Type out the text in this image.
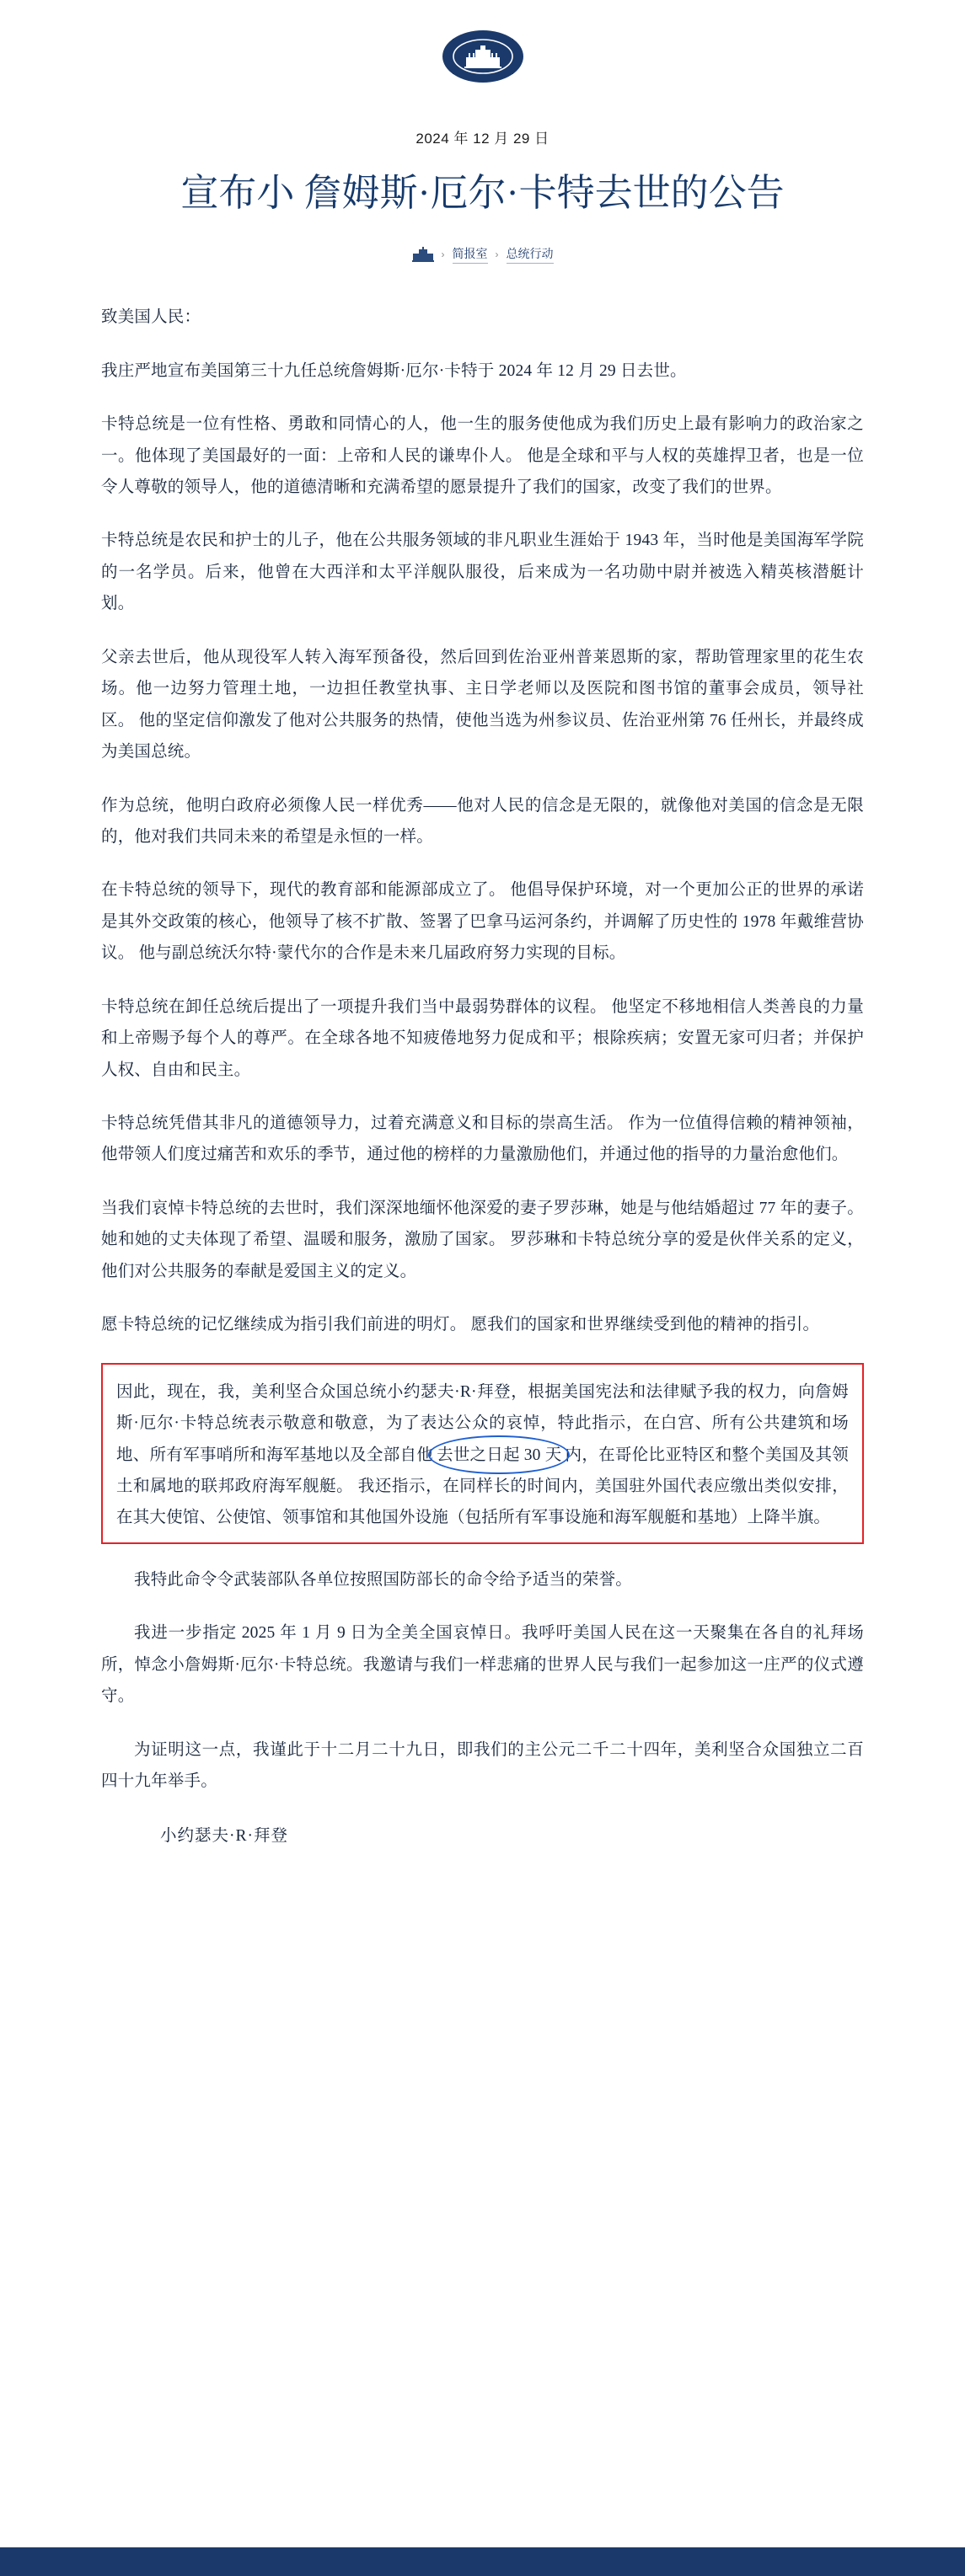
2024 年 12 月 29 日
宣布小 詹姆斯·厄尔·卡特去世的公告
› 简报室 › 总统行动

致美国人民：

我庄严地宣布美国第三十九任总统詹姆斯·厄尔·卡特于 2024 年 12 月 29 日去世。

卡特总统是一位有性格、勇敢和同情心的人，他一生的服务使他成为我们历史上最有影响力的政治家之一。他体现了美国最好的一面：上帝和人民的谦卑仆人。 他是全球和平与人权的英雄捍卫者，也是一位令人尊敬的领导人，他的道德清晰和充满希望的愿景提升了我们的国家，改变了我们的世界。

卡特总统是农民和护士的儿子，他在公共服务领域的非凡职业生涯始于 1943 年，当时他是美国海军学院的一名学员。后来，他曾在大西洋和太平洋舰队服役，后来成为一名功勋中尉并被选入精英核潜艇计划。

父亲去世后，他从现役军人转入海军预备役，然后回到佐治亚州普莱恩斯的家，帮助管理家里的花生农场。他一边努力管理土地，一边担任教堂执事、主日学老师以及医院和图书馆的董事会成员，领导社区。 他的坚定信仰激发了他对公共服务的热情，使他当选为州参议员、佐治亚州第 76 任州长，并最终成为美国总统。

作为总统，他明白政府必须像人民一样优秀——他对人民的信念是无限的，就像他对美国的信念是无限的，他对我们共同未来的希望是永恒的一样。

在卡特总统的领导下，现代的教育部和能源部成立了。 他倡导保护环境，对一个更加公正的世界的承诺是其外交政策的核心，他领导了核不扩散、签署了巴拿马运河条约，并调解了历史性的 1978 年戴维营协议。 他与副总统沃尔特·蒙代尔的合作是未来几届政府努力实现的目标。

卡特总统在卸任总统后提出了一项提升我们当中最弱势群体的议程。 他坚定不移地相信人类善良的力量和上帝赐予每个人的尊严。在全球各地不知疲倦地努力促成和平；根除疾病；安置无家可归者；并保护人权、自由和民主。

卡特总统凭借其非凡的道德领导力，过着充满意义和目标的崇高生活。 作为一位值得信赖的精神领袖，他带领人们度过痛苦和欢乐的季节，通过他的榜样的力量激励他们，并通过他的指导的力量治愈他们。

当我们哀悼卡特总统的去世时，我们深深地缅怀他深爱的妻子罗莎琳，她是与他结婚超过 77 年的妻子。她和她的丈夫体现了希望、温暖和服务，激励了国家。 罗莎琳和卡特总统分享的爱是伙伴关系的定义，他们对公共服务的奉献是爱国主义的定义。

愿卡特总统的记忆继续成为指引我们前进的明灯。 愿我们的国家和世界继续受到他的精神的指引。

因此，现在，我，美利坚合众国总统小约瑟夫·R·拜登，根据美国宪法和法律赋予我的权力，向詹姆斯·厄尔·卡特总统表示敬意和敬意，为了表达公众的哀悼，特此指示，在白宫、所有公共建筑和场地、所有军事哨所和海军基地以及全部自他 去世之日起 30 天 内，在哥伦比亚特区和整个美国及其领土和属地的联邦政府海军舰艇。 我还指示，在同样长的时间内，美国驻外国代表应缴出类似安排，在其大使馆、公使馆、领事馆和其他国外设施（包括所有军事设施和海军舰艇和基地）上降半旗。

我特此命令令武装部队各单位按照国防部长的命令给予适当的荣誉。

我进一步指定 2025 年 1 月 9 日为全美全国哀悼日。我呼吁美国人民在这一天聚集在各自的礼拜场所，悼念小詹姆斯·厄尔·卡特总统。我邀请与我们一样悲痛的世界人民与我们一起参加这一庄严的仪式遵守。

为证明这一点，我谨此于十二月二十九日，即我们的主公元二千二十四年，美利坚合众国独立二百四十九年举手。

小约瑟夫·R·拜登
